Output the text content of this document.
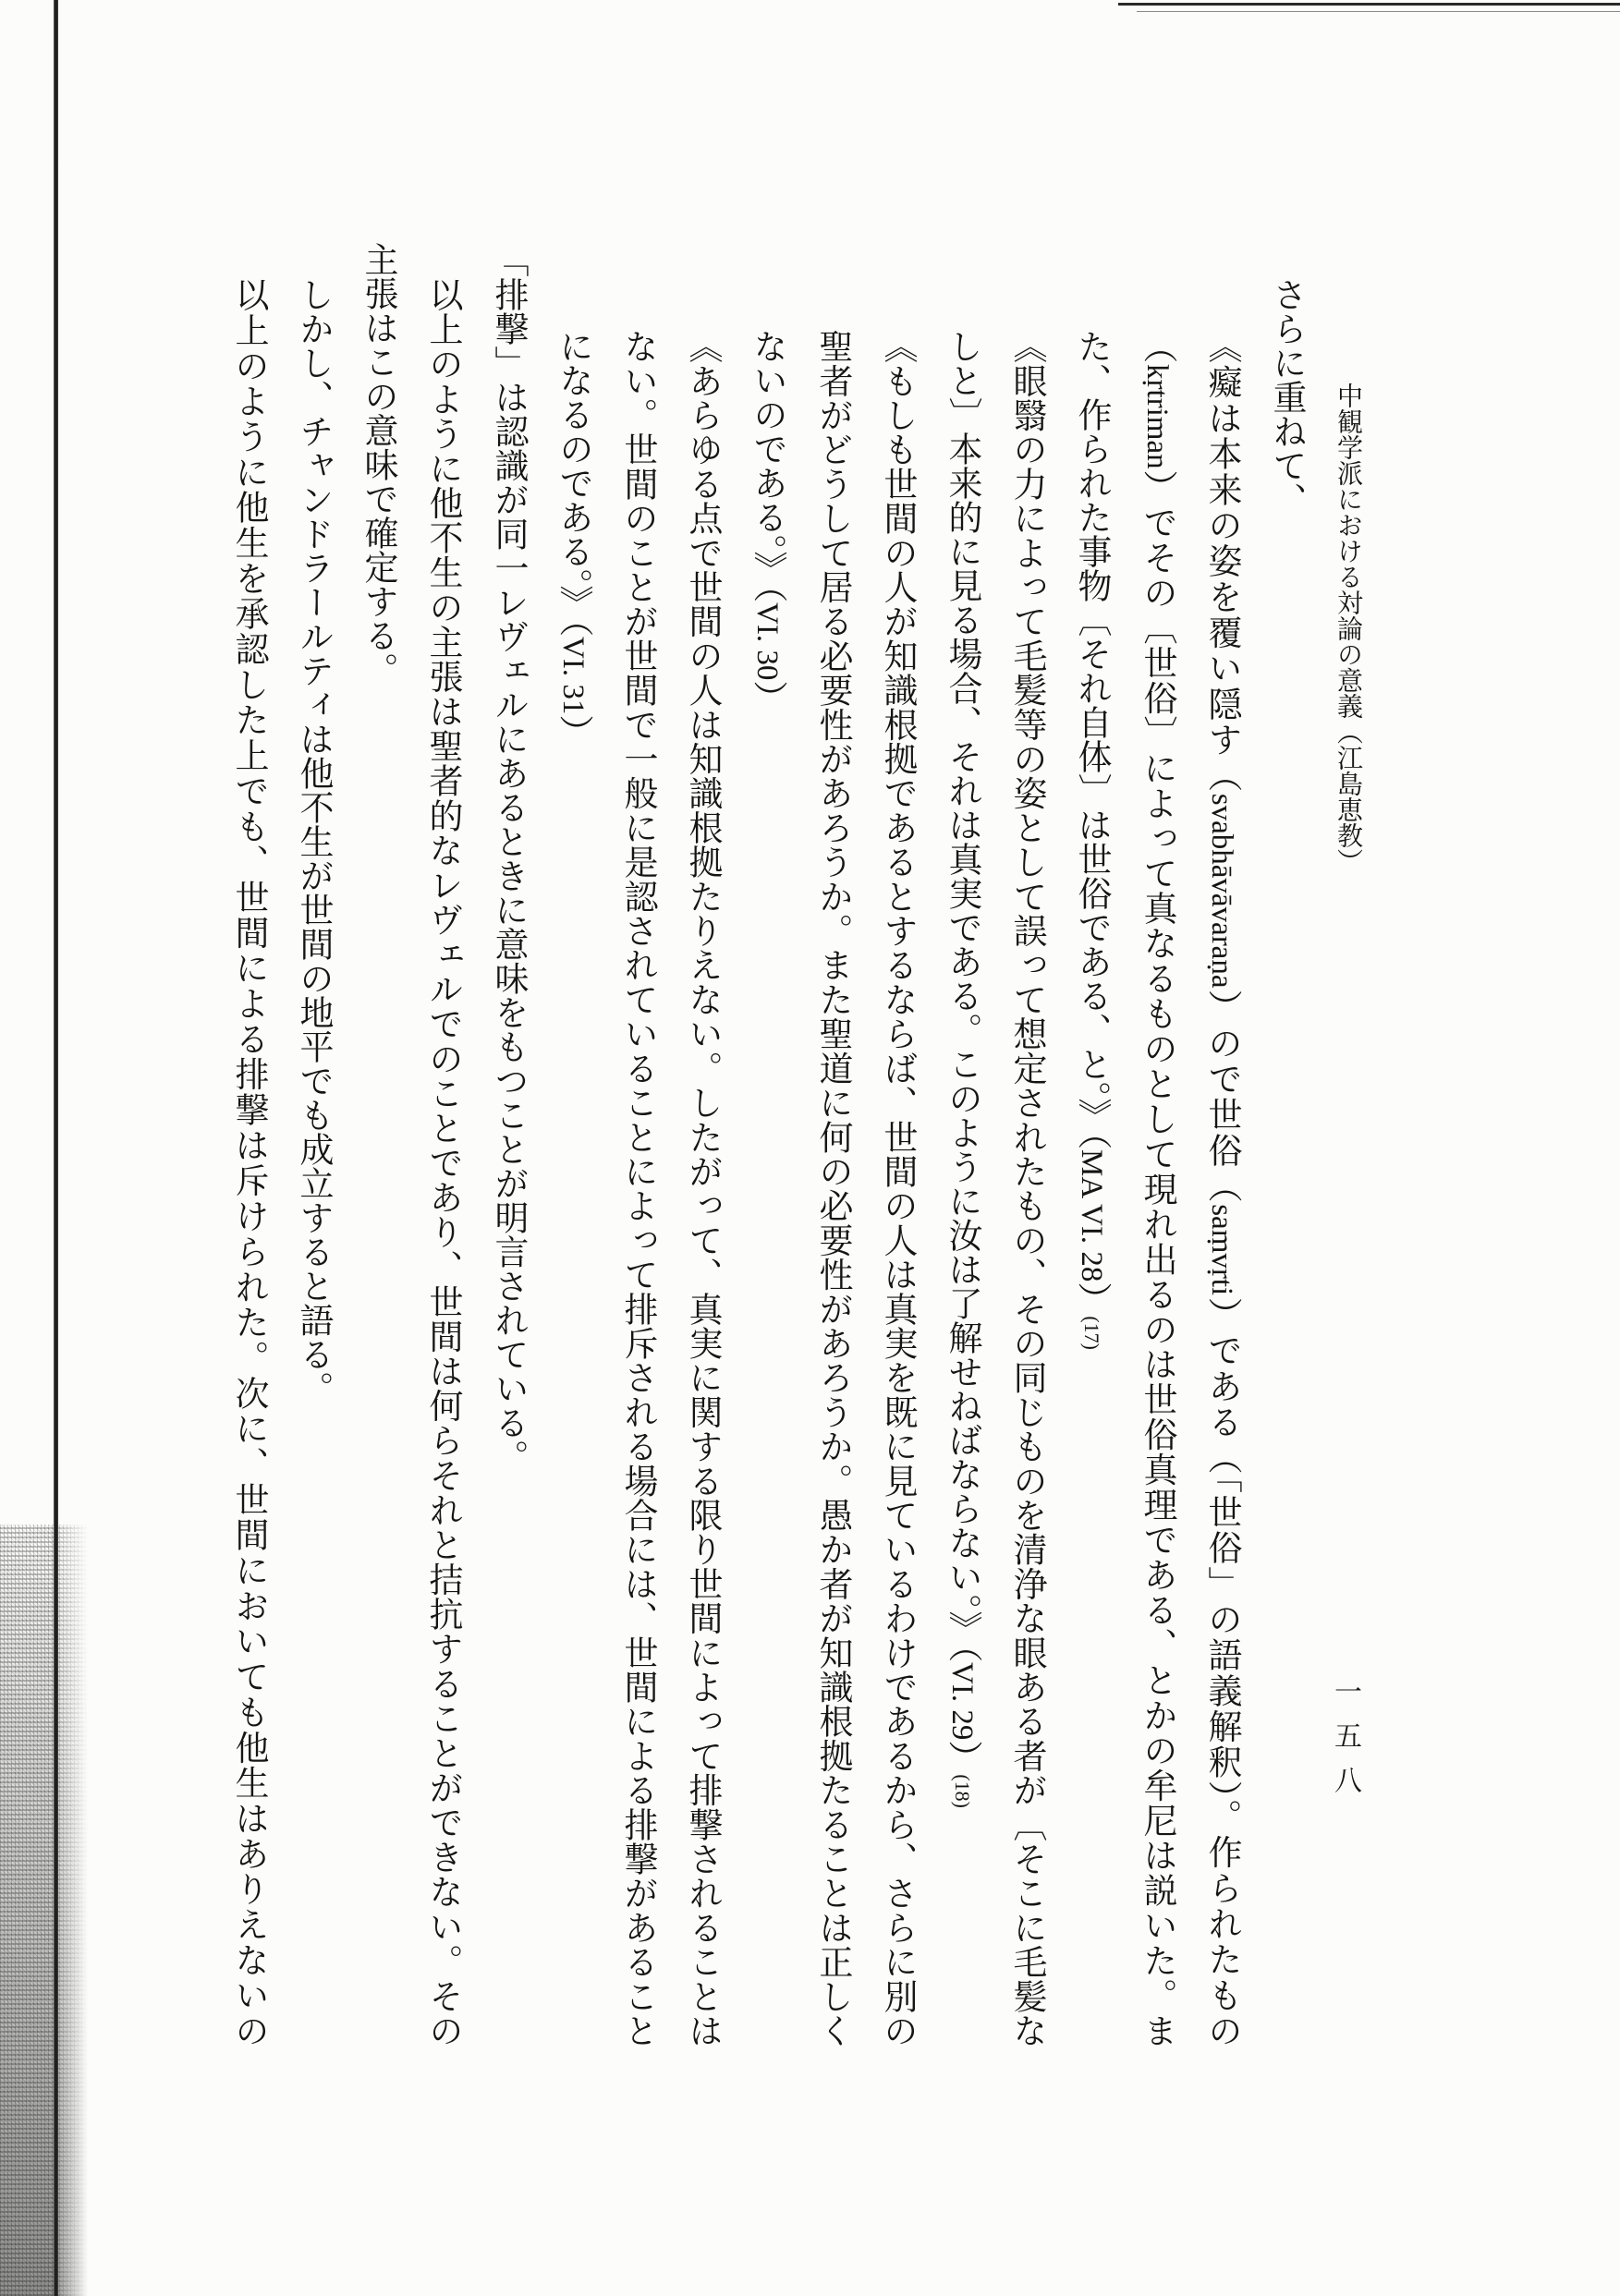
中観学派における対論の意義（江島恵教）
一五八
さらに重ねて、
《癡は本来の姿を覆い隠す（svabhāvāvaraṇa）ので世俗（saṃvṛti）である（「世俗」の語義解釈）。作られたもの
（kṛtriman）でその〔世俗〕によって真なるものとして現れ出るのは世俗真理である、とかの牟尼は説いた。ま
た、作られた事物〔それ自体〕は世俗である、と。》（MA VI. 28）(17)
《眼翳の力によって毛髪等の姿として誤って想定されたもの、その同じものを清浄な眼ある者が〔そこに毛髪な
しと〕本来的に見る場合、それは真実である。このように汝は了解せねばならない。》（VI. 29）(18)
《もしも世間の人が知識根拠であるとするならば、世間の人は真実を既に見ているわけであるから、さらに別の
聖者がどうして居る必要性があろうか。また聖道に何の必要性があろうか。愚か者が知識根拠たることは正しく
ないのである。》（VI. 30）
《あらゆる点で世間の人は知識根拠たりえない。したがって、真実に関する限り世間によって排撃されることは
ない。世間のことが世間で一般に是認されていることによって排斥される場合には、世間による排撃があること
になるのである。》（VI. 31）
「排撃」は認識が同一レヴェルにあるときに意味をもつことが明言されている。
以上のように他不生の主張は聖者的なレヴェルでのことであり、世間は何らそれと拮抗することができない。その
主張はこの意味で確定する。
しかし、チャンドラールティは他不生が世間の地平でも成立すると語る。
以上のように他生を承認した上でも、世間による排撃は斥けられた。次に、世間においても他生はありえないの
